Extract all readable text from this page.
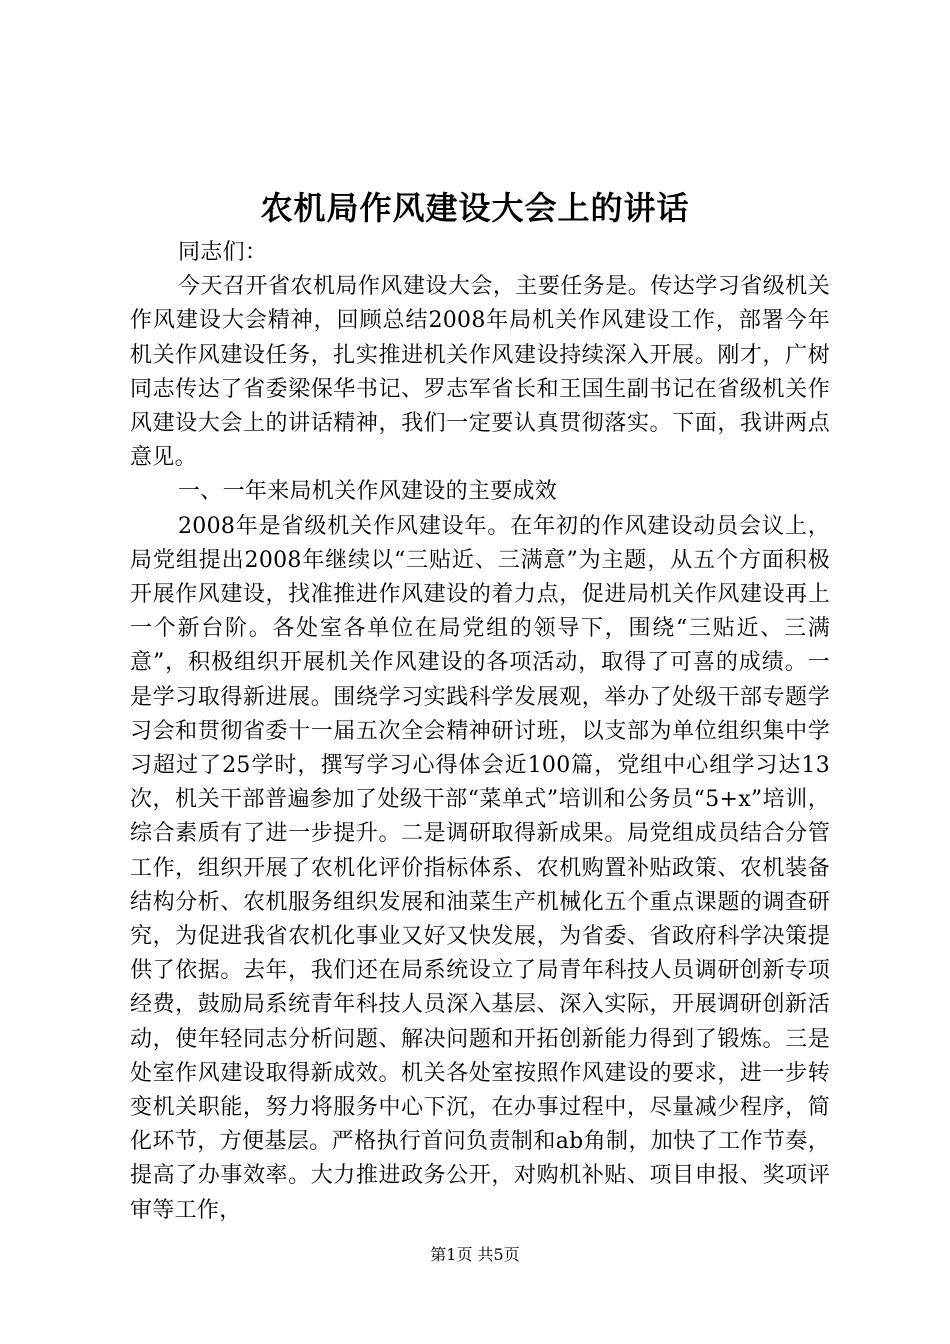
农机局作风建设大会上的讲话

同志们：

今天召开省农机局作风建设大会，主要任务是。传达学习省级机关作风建设大会精神，回顾总结2008年局机关作风建设工作，部署今年机关作风建设任务，扎实推进机关作风建设持续深入开展。刚才，广树同志传达了省委梁保华书记、罗志军省长和王国生副书记在省级机关作风建设大会上的讲话精神，我们一定要认真贯彻落实。下面，我讲两点意见。

一、一年来局机关作风建设的主要成效

2008年是省级机关作风建设年。在年初的作风建设动员会议上，局党组提出2008年继续以“三贴近、三满意”为主题，从五个方面积极开展作风建设，找准推进作风建设的着力点，促进局机关作风建设再上一个新台阶。各处室各单位在局党组的领导下，围绕“三贴近、三满意”，积极组织开展机关作风建设的各项活动，取得了可喜的成绩。一是学习取得新进展。围绕学习实践科学发展观，举办了处级干部专题学习会和贯彻省委十一届五次全会精神研讨班，以支部为单位组织集中学习超过了25学时，撰写学习心得体会近100篇，党组中心组学习达13次，机关干部普遍参加了处级干部“菜单式”培训和公务员“5+x”培训，综合素质有了进一步提升。二是调研取得新成果。局党组成员结合分管工作，组织开展了农机化评价指标体系、农机购置补贴政策、农机装备结构分析、农机服务组织发展和油菜生产机械化五个重点课题的调查研究，为促进我省农机化事业又好又快发展，为省委、省政府科学决策提供了依据。去年，我们还在局系统设立了局青年科技人员调研创新专项经费，鼓励局系统青年科技人员深入基层、深入实际，开展调研创新活动，使年轻同志分析问题、解决问题和开拓创新能力得到了锻炼。三是处室作风建设取得新成效。机关各处室按照作风建设的要求，进一步转变机关职能，努力将服务中心下沉，在办事过程中，尽量减少程序，简化环节，方便基层。严格执行首问负责制和ab角制，加快了工作节奏，提高了办事效率。大力推进政务公开，对购机补贴、项目申报、奖项评审等工作，

第1页 共5页
